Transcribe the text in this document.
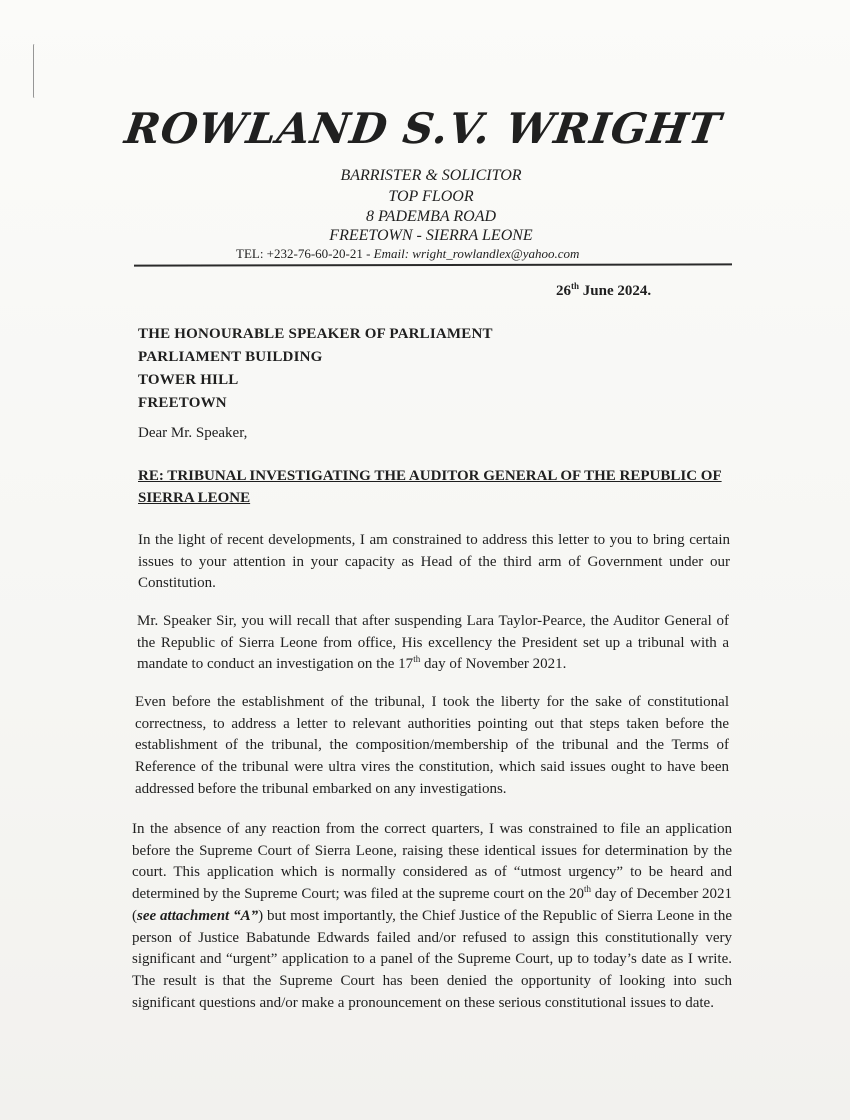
ROWLAND S.V. WRIGHT
BARRISTER & SOLICITOR
TOP FLOOR
8 PADEMBA ROAD
FREETOWN - SIERRA LEONE
TEL: +232-76-60-20-21 - Email: wright_rowlandlex@yahoo.com
26th June 2024.
THE HONOURABLE SPEAKER OF PARLIAMENT
PARLIAMENT BUILDING
TOWER HILL
FREETOWN
Dear Mr. Speaker,
RE: TRIBUNAL INVESTIGATING THE AUDITOR GENERAL OF THE REPUBLIC OF SIERRA LEONE
In the light of recent developments, I am constrained to address this letter to you to bring certain issues to your attention in your capacity as Head of the third arm of Government under our Constitution.
Mr. Speaker Sir, you will recall that after suspending Lara Taylor-Pearce, the Auditor General of the Republic of Sierra Leone from office, His excellency the President set up a tribunal with a mandate to conduct an investigation on the 17th day of November 2021.
Even before the establishment of the tribunal, I took the liberty for the sake of constitutional correctness, to address a letter to relevant authorities pointing out that steps taken before the establishment of the tribunal, the composition/membership of the tribunal and the Terms of Reference of the tribunal were ultra vires the constitution, which said issues ought to have been addressed before the tribunal embarked on any investigations.
In the absence of any reaction from the correct quarters, I was constrained to file an application before the Supreme Court of Sierra Leone, raising these identical issues for determination by the court. This application which is normally considered as of “utmost urgency” to be heard and determined by the Supreme Court; was filed at the supreme court on the 20th day of December 2021 (see attachment “A”) but most importantly, the Chief Justice of the Republic of Sierra Leone in the person of Justice Babatunde Edwards failed and/or refused to assign this constitutionally very significant and “urgent” application to a panel of the Supreme Court, up to today’s date as I write. The result is that the Supreme Court has been denied the opportunity of looking into such significant questions and/or make a pronouncement on these serious constitutional issues to date.
